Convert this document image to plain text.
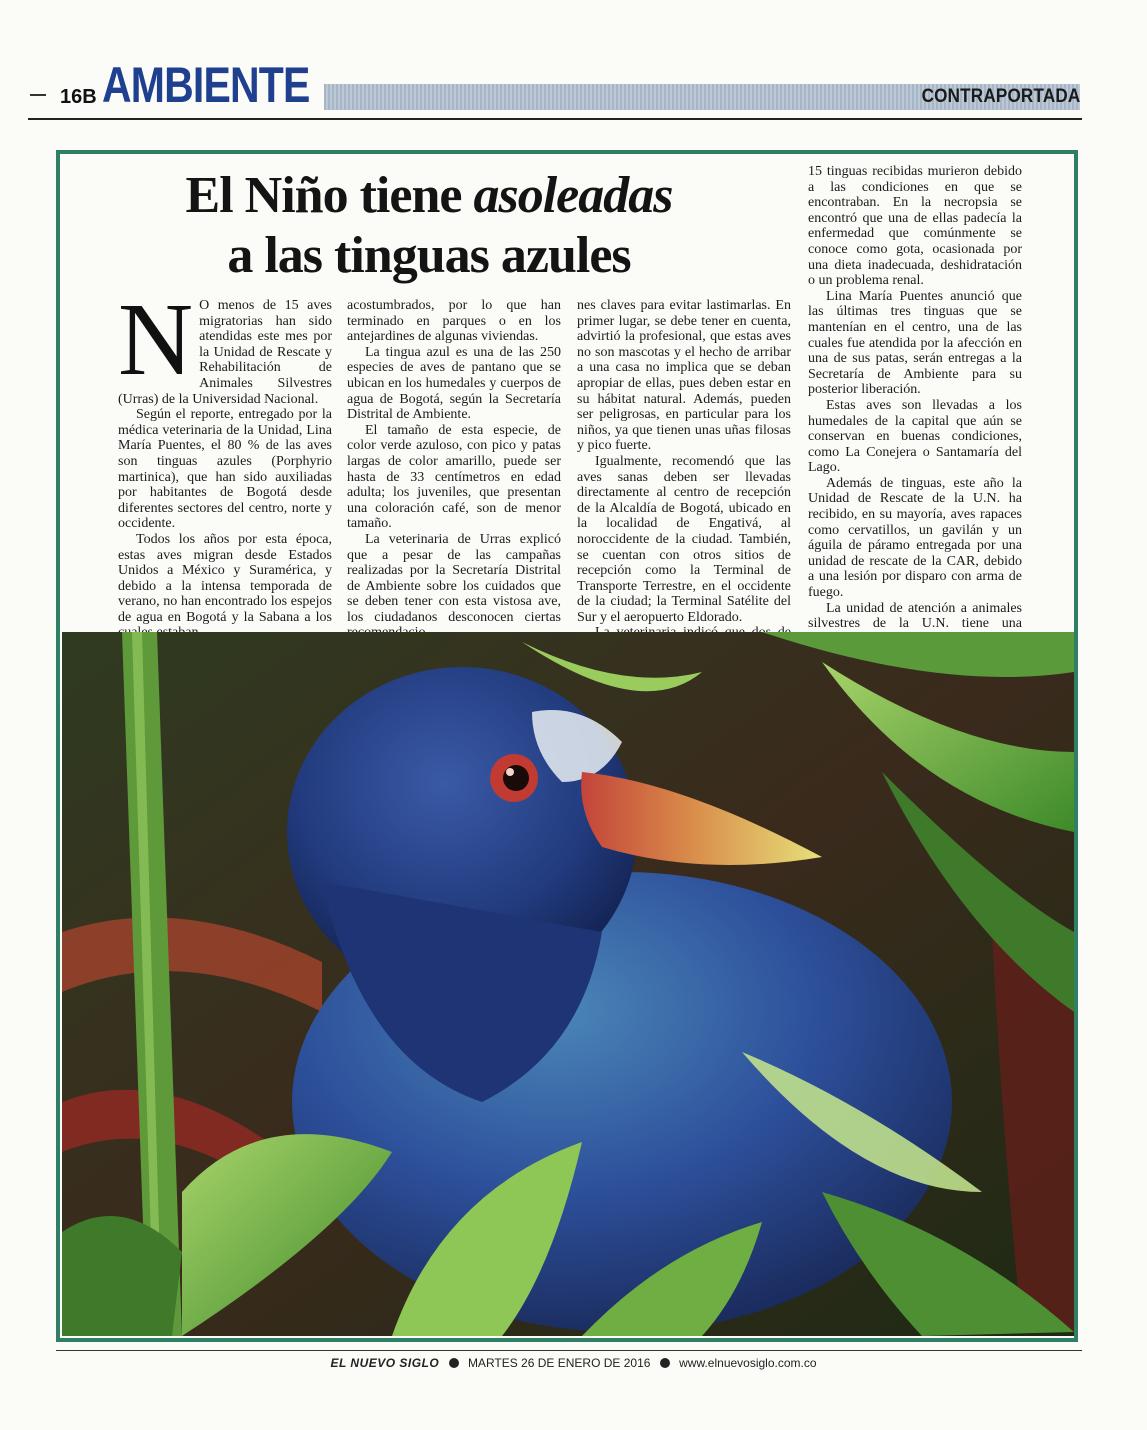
16B AMBIENTE	CONTRAPORTADA
El Niño tiene asoleadas
a las tinguas azules
N O menos de 15 aves migratorias han sido atendidas este mes por la Unidad de Rescate y Rehabilitación de Animales Silvestres (Urras) de la Universidad Nacional.

Según el reporte, entregado por la médica veterinaria de la Unidad, Lina María Puentes, el 80 % de las aves son tinguas azules (Porphyrio martinica), que han sido auxiliadas por habitantes de Bogotá desde diferentes sectores del centro, norte y occidente.

Todos los años por esta época, estas aves migran desde Estados Unidos a México y Suramérica, y debido a la intensa temporada de verano, no han encontrado los espejos de agua en Bogotá y la Sabana a los

acostumbrados, por lo que han terminado en parques o en los antejardines de algunas viviendas.

La tingua azul es una de las 250 especies de aves de pantano que se ubican en los humedales y cuerpos de agua de Bogotá, según la Secretaría Distrital de Ambiente.

El tamaño de esta especie, de color verde azuloso, con pico y patas largas de color amarillo, puede ser hasta de 33 centímetros en edad adulta; los juveniles, que presentan una coloración café, son de menor tamaño.

La veterinaria de Urras explicó que a pesar de las campañas realizadas por la Secretaría Distrital de Ambiente sobre los cuidados que se deben tener con esta vistosa ave, los ciudadanos desconocen ciertas

nes claves para evitar lastimarlas. En primer lugar, se debe tener en cuenta, advirtió la profesional, que estas aves no son mascotas y el hecho de arribar a una casa no implica que se deban apropiar de ellas, pues deben estar en su hábitat natural. Además, pueden ser peligrosas, en particular para los niños, ya que tienen unas uñas filosas y pico fuerte.

Igualmente, recomendó que las aves sanas deben ser llevadas directamente al centro de recepción de la Alcaldía de Bogotá, ubicado en la localidad de Engativá, al noroccidente de la ciudad. También, se cuentan con otros sitios de recepción como la Terminal de Transporte Terrestre, en el occidente de la ciudad; la Terminal Satélite del Sur y el aeropuerto Eldorado.

15 tinguas recibidas murieron debido a las condiciones en que se encontraban. En la necropsia se encontró que una de ellas padecía la enfermedad que comúnmente se conoce como gota, ocasionada por una dieta inadecuada, deshidratación o un problema renal.

Lina María Puentes anunció que las últimas tres tinguas que se mantenían en el centro, una de las cuales fue atendida por la afección en una de sus patas, serán entregas a la Secretaría de Ambiente para su posterior liberación.

Estas aves son llevadas a los humedales de la capital que aún se conservan en buenas condiciones, como La Conejera o Santamaría del Lago.

Además de tinguas, este año la Unidad de Rescate de la U.N. ha recibido, en su mayoría, aves rapaces como cervatillos, un gavilán y un águila de páramo entregada por una unidad de rescate de la CAR, debido a una lesión por disparo con arma de fuego.

La unidad de atención a animales silvestres de la U.N. tiene una

EL NUEVO SIGLO MARTES 26 DE ENERO DE 2016 www.elnuevosiglo.com.co
